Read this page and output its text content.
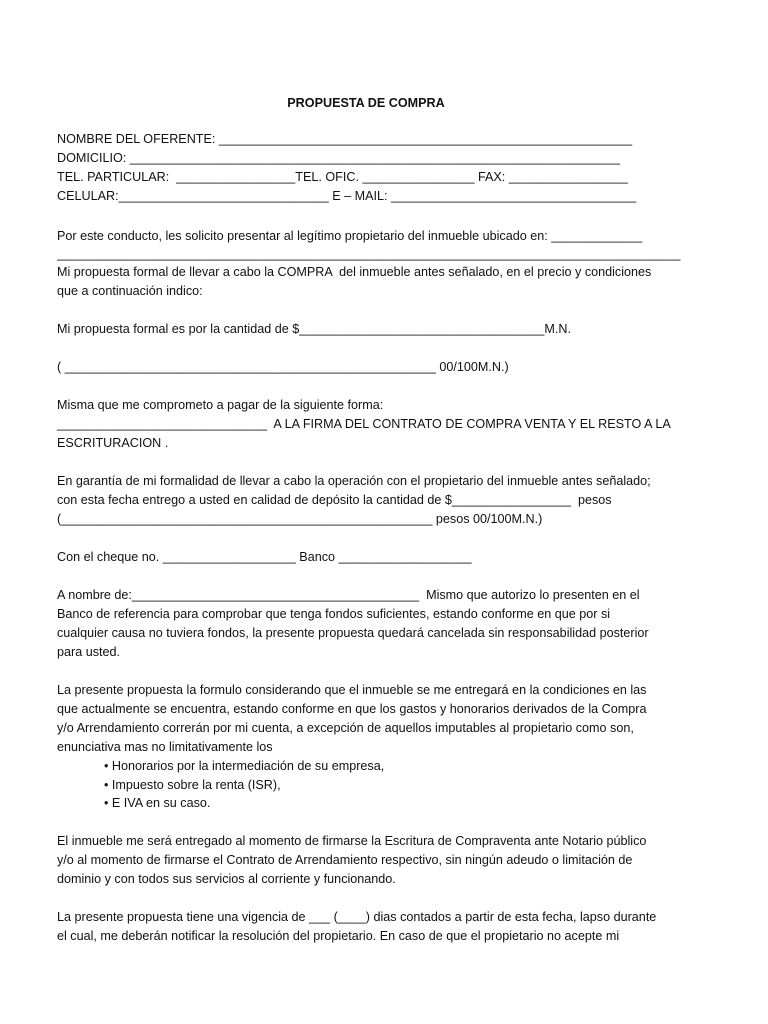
PROPUESTA DE COMPRA
NOMBRE DEL OFERENTE: ___________________________________________________________
DOMICILIO: ______________________________________________________________________
TEL. PARTICULAR:  _________________TEL. OFIC. ________________ FAX: _________________
CELULAR:______________________________ E – MAIL: ___________________________________
Por este conducto, les solicito presentar al legítimo propietario del inmueble ubicado en: _____________
_________________________________________________________________________________________
Mi propuesta formal de llevar a cabo la COMPRA  del inmueble antes señalado, en el precio y condiciones
que a continuación indico:
Mi propuesta formal es por la cantidad de $___________________________________M.N.
( _____________________________________________________ 00/100M.N.)
Misma que me comprometo a pagar de la siguiente forma:
______________________________  A LA FIRMA DEL CONTRATO DE COMPRA VENTA Y EL RESTO A LA
ESCRITURACION .
En garantía de mi formalidad de llevar a cabo la operación con el propietario del inmueble antes señalado;
con esta fecha entrego a usted en calidad de depósito la cantidad de $_________________  pesos
(_____________________________________________________ pesos 00/100M.N.)
Con el cheque no. ___________________ Banco ___________________
A nombre de:_________________________________________  Mismo que autorizo lo presenten en el
Banco de referencia para comprobar que tenga fondos suficientes, estando conforme en que por si
cualquier causa no tuviera fondos, la presente propuesta quedará cancelada sin responsabilidad posterior
para usted.
La presente propuesta la formulo considerando que el inmueble se me entregará en la condiciones en las
que actualmente se encuentra, estando conforme en que los gastos y honorarios derivados de la Compra
y/o Arrendamiento correrán por mi cuenta, a excepción de aquellos imputables al propietario como son,
enunciativa mas no limitativamente los
• Honorarios por la intermediación de su empresa,
• Impuesto sobre la renta (ISR),
• E IVA en su caso.
El inmueble me será entregado al momento de firmarse la Escritura de Compraventa ante Notario público
y/o al momento de firmarse el Contrato de Arrendamiento respectivo, sin ningún adeudo o limitación de
dominio y con todos sus servicios al corriente y funcionando.
La presente propuesta tiene una vigencia de ___ (____) dias contados a partir de esta fecha, lapso durante
el cual, me deberán notificar la resolución del propietario. En caso de que el propietario no acepte mi
